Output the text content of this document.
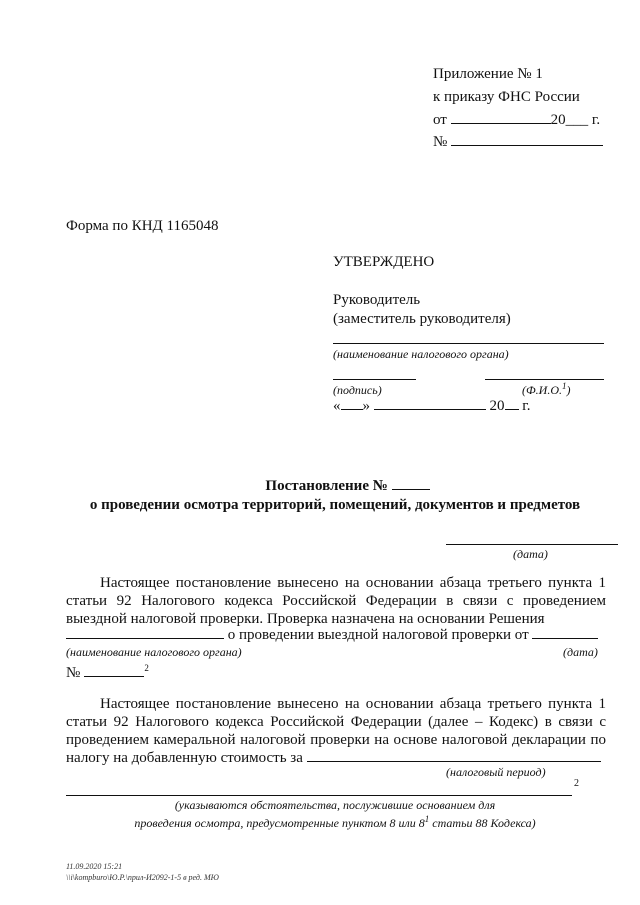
Приложение № 1
к приказу ФНС России
от	20___ г.
№
Форма по КНД 1165048
УТВЕРЖДЕНО
Руководитель
(заместитель руководителя)
(наименование налогового органа)
(подпись)	(Ф.И.О.$^1$)
« »	20 г.
Постановление №
о проведении осмотра территорий, помещений, документов и предметов
(дата)
Настоящее постановление вынесено на основании абзаца третьего пункта 1 статьи 92 Налогового кодекса Российской Федерации в связи с проведением выездной налоговой проверки. Проверка назначена на основании Решения
о проведении выездной налоговой проверки от
(наименование налогового органа)	(дата)
№	$^2$
Настоящее постановление вынесено на основании абзаца третьего пункта 1 статьи 92 Налогового кодекса Российской Федерации (далее – Кодекс) в связи с проведением камеральной налоговой проверки на основе налоговой декларации по налогу на добавленную стоимость за
(налоговый период)
2
(указываются обстоятельства, послужившие основанием для
проведения осмотра, предусмотренные пунктом 8 или $8^1$ статьи 88 Кодекса)
11.09.2020 15:21
\\i\kompburo\Ю.Р.\прил-И2092-1-5 в ред. МЮ
